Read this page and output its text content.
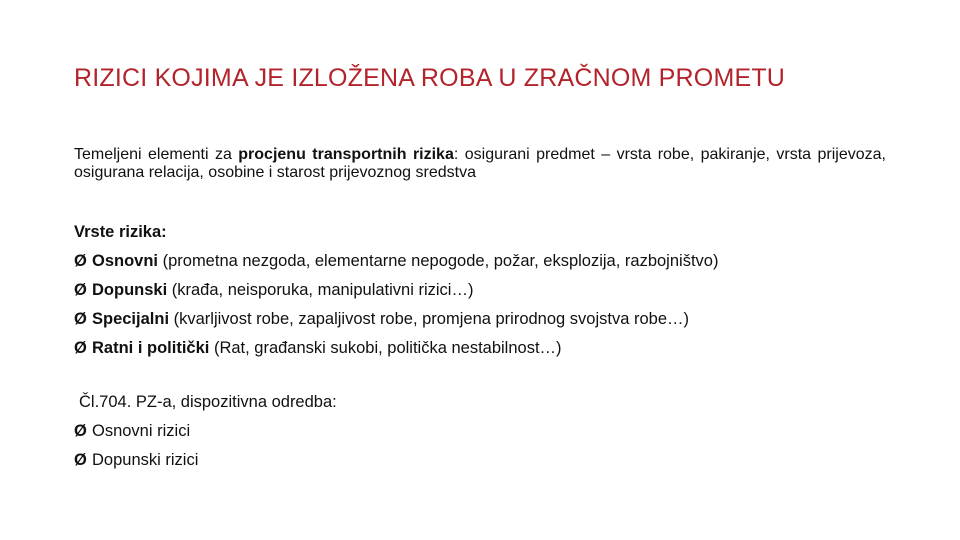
RIZICI KOJIMA JE IZLOŽENA ROBA U ZRAČNOM PROMETU
Temeljeni elementi za procjenu transportnih rizika: osigurani predmet – vrsta robe, pakiranje, vrsta prijevoza, osigurana relacija, osobine i starost prijevoznog sredstva
Vrste rizika:
Ø Osnovni (prometna nezgoda, elementarne nepogode, požar, eksplozija, razbojništvo)
Ø Dopunski (krađa, neisporuka, manipulativni rizici…)
Ø Specijalni (kvarljivost robe, zapaljivost robe, promjena prirodnog svojstva robe…)
Ø Ratni i politički (Rat, građanski sukobi, politička nestabilnost…)
Čl.704. PZ-a, dispozitivna odredba:
Ø Osnovni rizici
Ø Dopunski rizici
